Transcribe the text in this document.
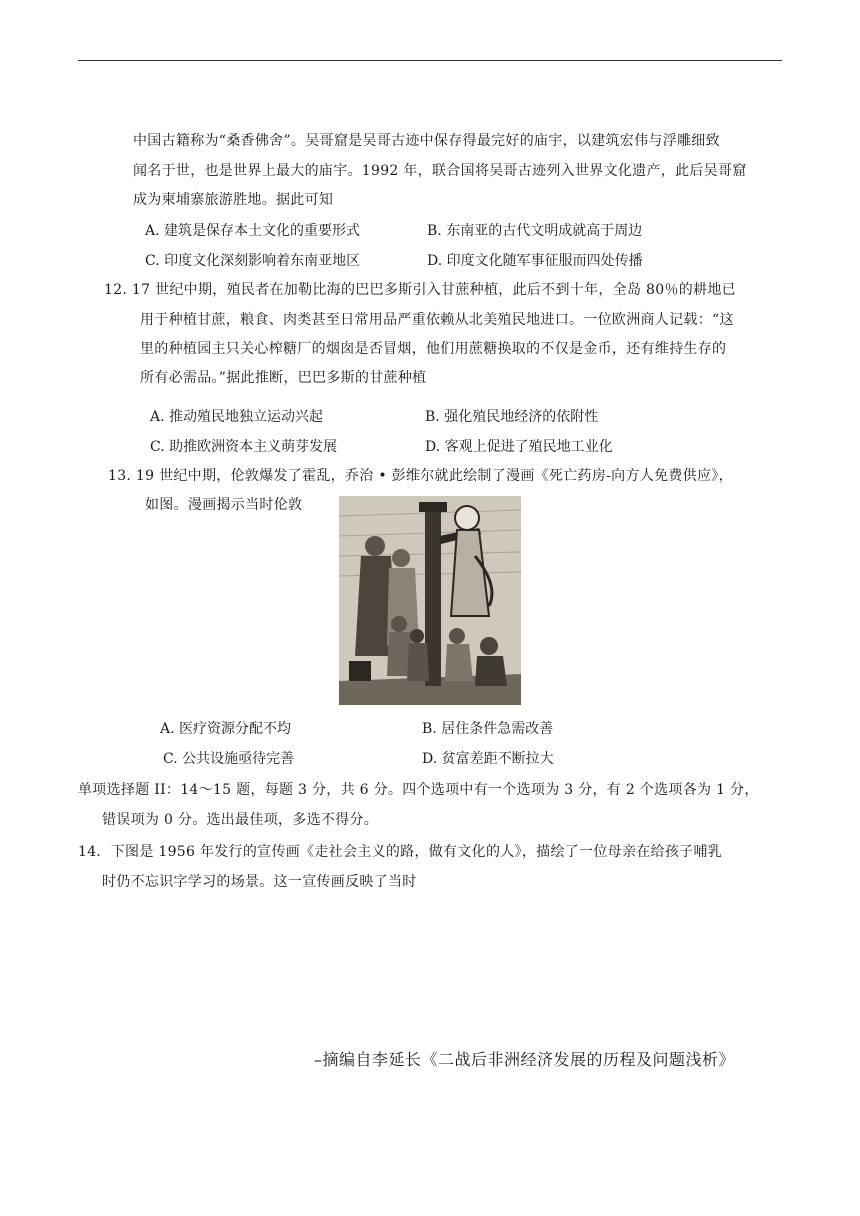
中国古籍称为“桑香佛舍”。吴哥窟是吴哥古迹中保存得最完好的庙宇，以建筑宏伟与浮雕细致
闻名于世，也是世界上最大的庙宇。1992 年，联合国将吴哥古迹列入世界文化遗产，此后吴哥窟
成为柬埔寨旅游胜地。据此可知
A. 建筑是保存本土文化的重要形式	B. 东南亚的古代文明成就高于周边
C. 印度文化深刻影响着东南亚地区	D. 印度文化随军事征服而四处传播
12. 17 世纪中期，殖民者在加勒比海的巴巴多斯引入甘蔗种植，此后不到十年，全岛 80％的耕地已
用于种植甘蔗，粮食、肉类甚至日常用品严重依赖从北美殖民地进口。一位欧洲商人记载：“这
里的种植园主只关心榨糖厂的烟囱是否冒烟，他们用蔗糖换取的不仅是金币，还有维持生存的
所有必需品。”据此推断，巴巴多斯的甘蔗种植
A. 推动殖民地独立运动兴起	B. 强化殖民地经济的依附性
C. 助推欧洲资本主义萌芽发展	D. 客观上促进了殖民地工业化
13. 19 世纪中期，伦敦爆发了霍乱，乔治 • 彭维尔就此绘制了漫画《死亡药房-向方人免费供应》，
如图。漫画揭示当时伦敦
A. 医疗资源分配不均	B. 居住条件急需改善
C. 公共设施亟待完善	D. 贫富差距不断拉大
单项选择题 II：14～15 题，每题 3 分，共 6 分。四个选项中有一个选项为 3 分，有 2 个选项各为 1 分，
错误项为 0 分。选出最佳项，多选不得分。
14．下图是 1956 年发行的宣传画《走社会主义的路，做有文化的人》，描绘了一位母亲在给孩子哺乳
时仍不忘识字学习的场景。这一宣传画反映了当时
–摘编自李延长《二战后非洲经济发展的历程及问题浅析》
